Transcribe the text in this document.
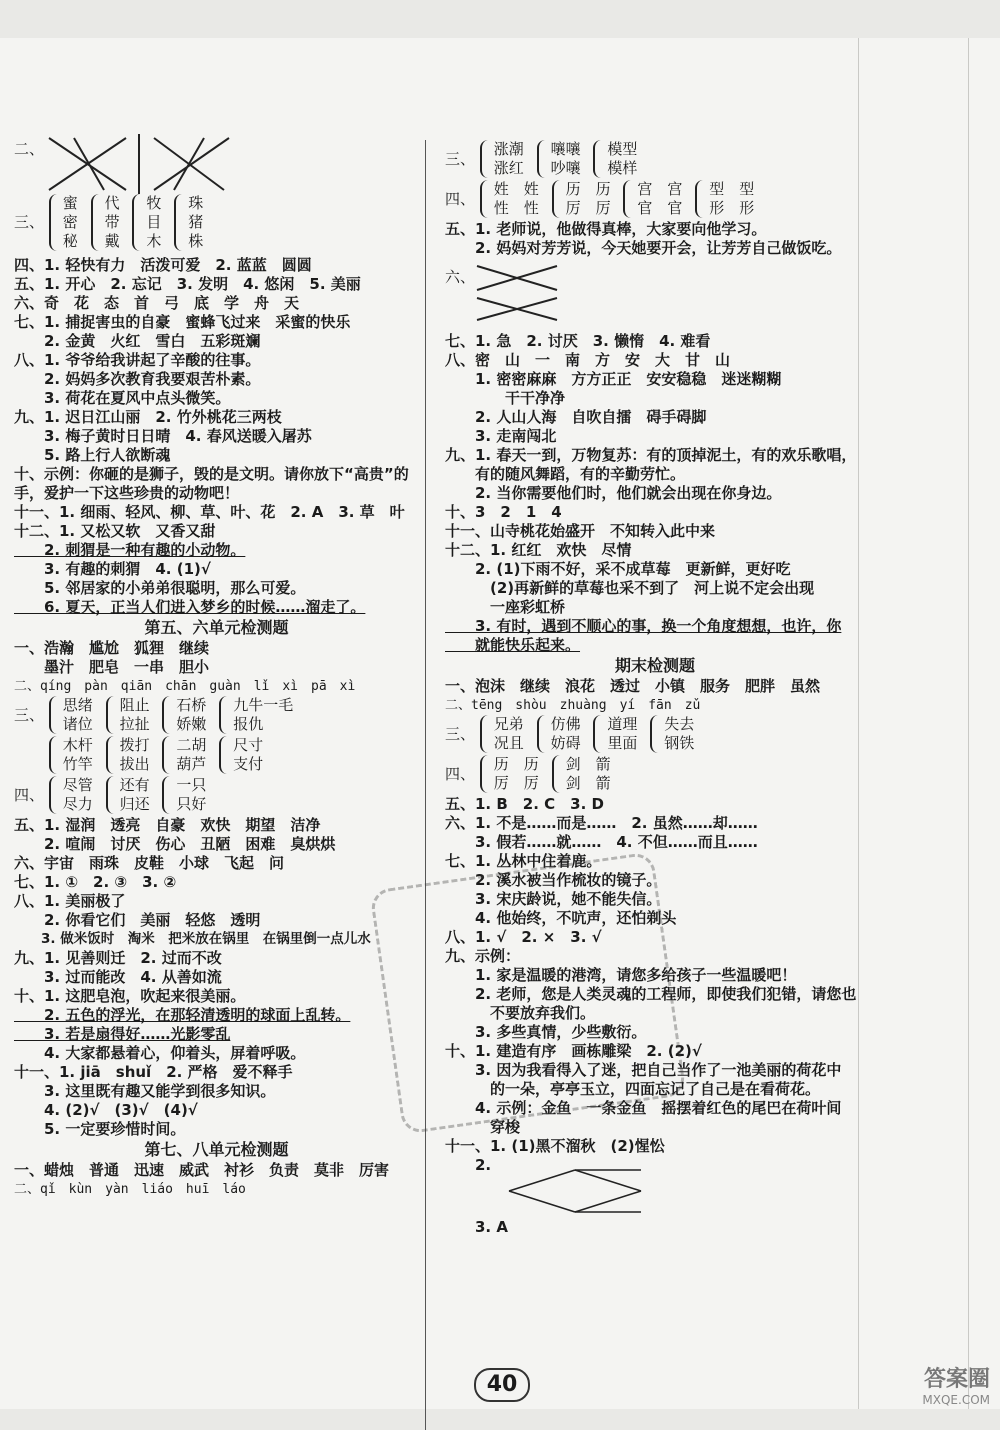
二、
三、
蜜
密
秘

代
带
戴

牧
目
木

珠
猪
株
四、1. 轻快有力　活泼可爱　2. 蓝蓝　圆圆
五、1. 开心　2. 忘记　3. 发明　4. 悠闲　5. 美丽
六、奇　花　态　首　弓　底　学　舟　天
七、1. 捕捉害虫的自豪　蜜蜂飞过来　采蜜的快乐
　　2. 金黄　火红　雪白　五彩斑斓
八、1. 爷爷给我讲起了辛酸的往事。
　　2. 妈妈多次教育我要艰苦朴素。
　　3. 荷花在夏风中点头微笑。
九、1. 迟日江山丽　2. 竹外桃花三两枝
　　3. 梅子黄时日日晴　4. 春风送暖入屠苏
　　5. 路上行人欲断魂
十、示例：你砸的是狮子，毁的是文明。请你放下“高贵”的
手，爱护一下这些珍贵的动物吧！
十一、1. 细雨、轻风、柳、草、叶、花　2. A　3. 草　叶
十二、1. 又松又软　又香又甜
　　2. 刺猬是一种有趣的小动物。
　　3. 有趣的刺猬　4. (1)√
　　5. 邻居家的小弟弟很聪明，那么可爱。
　　6. 夏天，正当人们进入梦乡的时候……溜走了。
第五、六单元检测题
一、浩瀚　尴尬　狐狸　继续
　　墨汁　肥皂　一串　胆小
二、qíng　pàn　qiān　chān　guàn　lǐ　xì　pā　xì
三、
思绪
诸位

阻止
拉扯

石桥
娇嫩

九牛一毛
报仇

木杆
竹竿

拨打
拔出

二胡
葫芦

尺寸
支付
四、
尽管
尽力

还有
归还

一只
只好
五、1. 湿润　透亮　自豪　欢快　期望　洁净
　　2. 喧闹　讨厌　伤心　丑陋　困难　臭烘烘
六、宇宙　雨珠　皮鞋　小球　飞起　问
七、1. ①　2. ③　3. ②
八、1. 美丽极了
　　2. 你看它们　美丽　轻悠　透明
　　3. 做米饭时　淘米　把米放在锅里　在锅里倒一点儿水
九、1. 见善则迁　2. 过而不改
　　3. 过而能改　4. 从善如流
十、1. 这肥皂泡，吹起来很美丽。
　　2. 五色的浮光，在那轻清透明的球面上乱转。
　　3. 若是扇得好……光影零乱
　　4. 大家都悬着心，仰着头，屏着呼吸。
十一、1. jiā　shuǐ　2. 严格　爱不释手
　　3. 这里既有趣又能学到很多知识。
　　4. (2)√　(3)√　(4)√
　　5. 一定要珍惜时间。
第七、八单元检测题
一、蜡烛　普通　迅速　威武　衬衫　负责　莫非　厉害
二、qǐ　kùn　yàn　liáo　huī　láo
三、
涨潮
涨红

嚷嚷
吵嚷

模型
模样
四、
姓　姓
性　性

历　历
厉　厉

宫　宫
官　官

型　型
形　形
五、1. 老师说，他做得真棒，大家要向他学习。
　　2. 妈妈对芳芳说，今天她要开会，让芳芳自己做饭吃。
六、
七、1. 急　2. 讨厌　3. 懒惰　4. 难看
八、密　山　一　南　方　安　大　甘　山
　　1. 密密麻麻　方方正正　安安稳稳　迷迷糊糊
　　　　干干净净
　　2. 人山人海　自吹自擂　碍手碍脚
　　3. 走南闯北
九、1. 春天一到，万物复苏：有的顶掉泥土，有的欢乐歌唱，
　　有的随风舞蹈，有的辛勤劳忙。
　　2. 当你需要他们时，他们就会出现在你身边。
十、3　2　1　4
十一、山寺桃花始盛开　不知转入此中来
十二、1. 红红　欢快　尽情
　　2. (1)下雨不好，采不成草莓　更新鲜，更好吃
　　　(2)再新鲜的草莓也采不到了　河上说不定会出现
　　　一座彩虹桥
　　3. 有时，遇到不顺心的事，换一个角度想想，也许，你
　　就能快乐起来。
期末检测题
一、泡沫　继续　浪花　透过　小镇　服务　肥胖　虽然
二、tēng　shòu　zhuàng　yí　fān　zǔ
三、
兄弟
况且

仿佛
妨碍

道理
里面

失去
钢铁
四、
历　历
厉　厉

剑　箭
剑　箭
五、1. B　2. C　3. D
六、1. 不是……而是……　2. 虽然……却……
　　3. 假若……就……　4. 不但……而且……
七、1. 丛林中住着鹿。
　　2. 溪水被当作梳妆的镜子。
　　3. 宋庆龄说，她不能失信。
　　4. 他始终，不吭声，还怕剃头
八、1. √　2. ×　3. √
九、示例：
　　1. 家是温暖的港湾，请您多给孩子一些温暖吧！
　　2. 老师，您是人类灵魂的工程师，即使我们犯错，请您也
　　　不要放弃我们。
　　3. 多些真情，少些敷衍。
十、1. 建造有序　画栋雕梁　2. (2)√
　　3. 因为我看得入了迷，把自己当作了一池美丽的荷花中
　　　的一朵，亭亭玉立，四面忘记了自己是在看荷花。
　　4. 示例：金鱼　一条金鱼　摇摆着红色的尾巴在荷叶间
　　　穿梭
十一、1. (1)黑不溜秋　(2)惺忪
　　2.
　　3. A
40	答案圈
MXQE.COM
